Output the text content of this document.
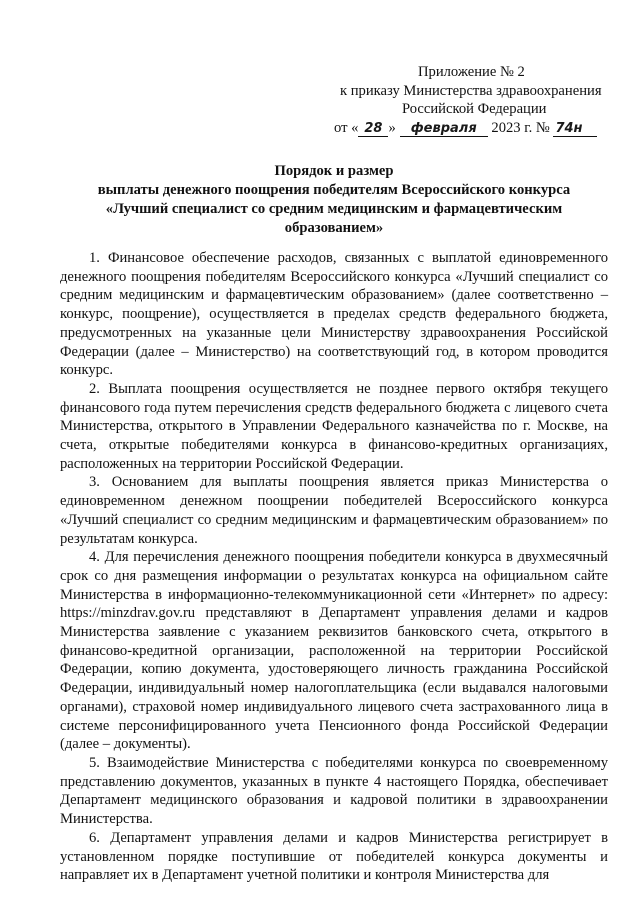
Приложение № 2
к приказу Министерства здравоохранения
Российской Федерации
от « 28 » февраля 2023 г. № 74н
Порядок и размер
выплаты денежного поощрения победителям Всероссийского конкурса
«Лучший специалист со средним медицинским и фармацевтическим
образованием»

1. Финансовое обеспечение расходов, связанных с выплатой единовременного денежного поощрения победителям Всероссийского конкурса «Лучший специалист со средним медицинским и фармацевтическим образованием» (далее соответственно – конкурс, поощрение), осуществляется в пределах средств федерального бюджета, предусмотренных на указанные цели Министерству здравоохранения Российской Федерации (далее – Министерство) на соответствующий год, в котором проводится конкурс.

2. Выплата поощрения осуществляется не позднее первого октября текущего финансового года путем перечисления средств федерального бюджета с лицевого счета Министерства, открытого в Управлении Федерального казначейства по г. Москве, на счета, открытые победителями конкурса в финансово-кредитных организациях, расположенных на территории Российской Федерации.

3. Основанием для выплаты поощрения является приказ Министерства о единовременном денежном поощрении победителей Всероссийского конкурса «Лучший специалист со средним медицинским и фармацевтическим образованием» по результатам конкурса.

4. Для перечисления денежного поощрения победители конкурса в двухмесячный срок со дня размещения информации о результатах конкурса на официальном сайте Министерства в информационно-телекоммуникационной сети «Интернет» по адресу: https://minzdrav.gov.ru представляют в Департамент управления делами и кадров Министерства заявление с указанием реквизитов банковского счета, открытого в финансово-кредитной организации, расположенной на территории Российской Федерации, копию документа, удостоверяющего личность гражданина Российской Федерации, индивидуальный номер налогоплательщика (если выдавался налоговыми органами), страховой номер индивидуального лицевого счета застрахованного лица в системе персонифицированного учета Пенсионного фонда Российской Федерации (далее – документы).

5. Взаимодействие Министерства с победителями конкурса по своевременному представлению документов, указанных в пункте 4 настоящего Порядка, обеспечивает Департамент медицинского образования и кадровой политики в здравоохранении Министерства.

6. Департамент управления делами и кадров Министерства регистрирует в установленном порядке поступившие от победителей конкурса документы и направляет их в Департамент учетной политики и контроля Министерства для
